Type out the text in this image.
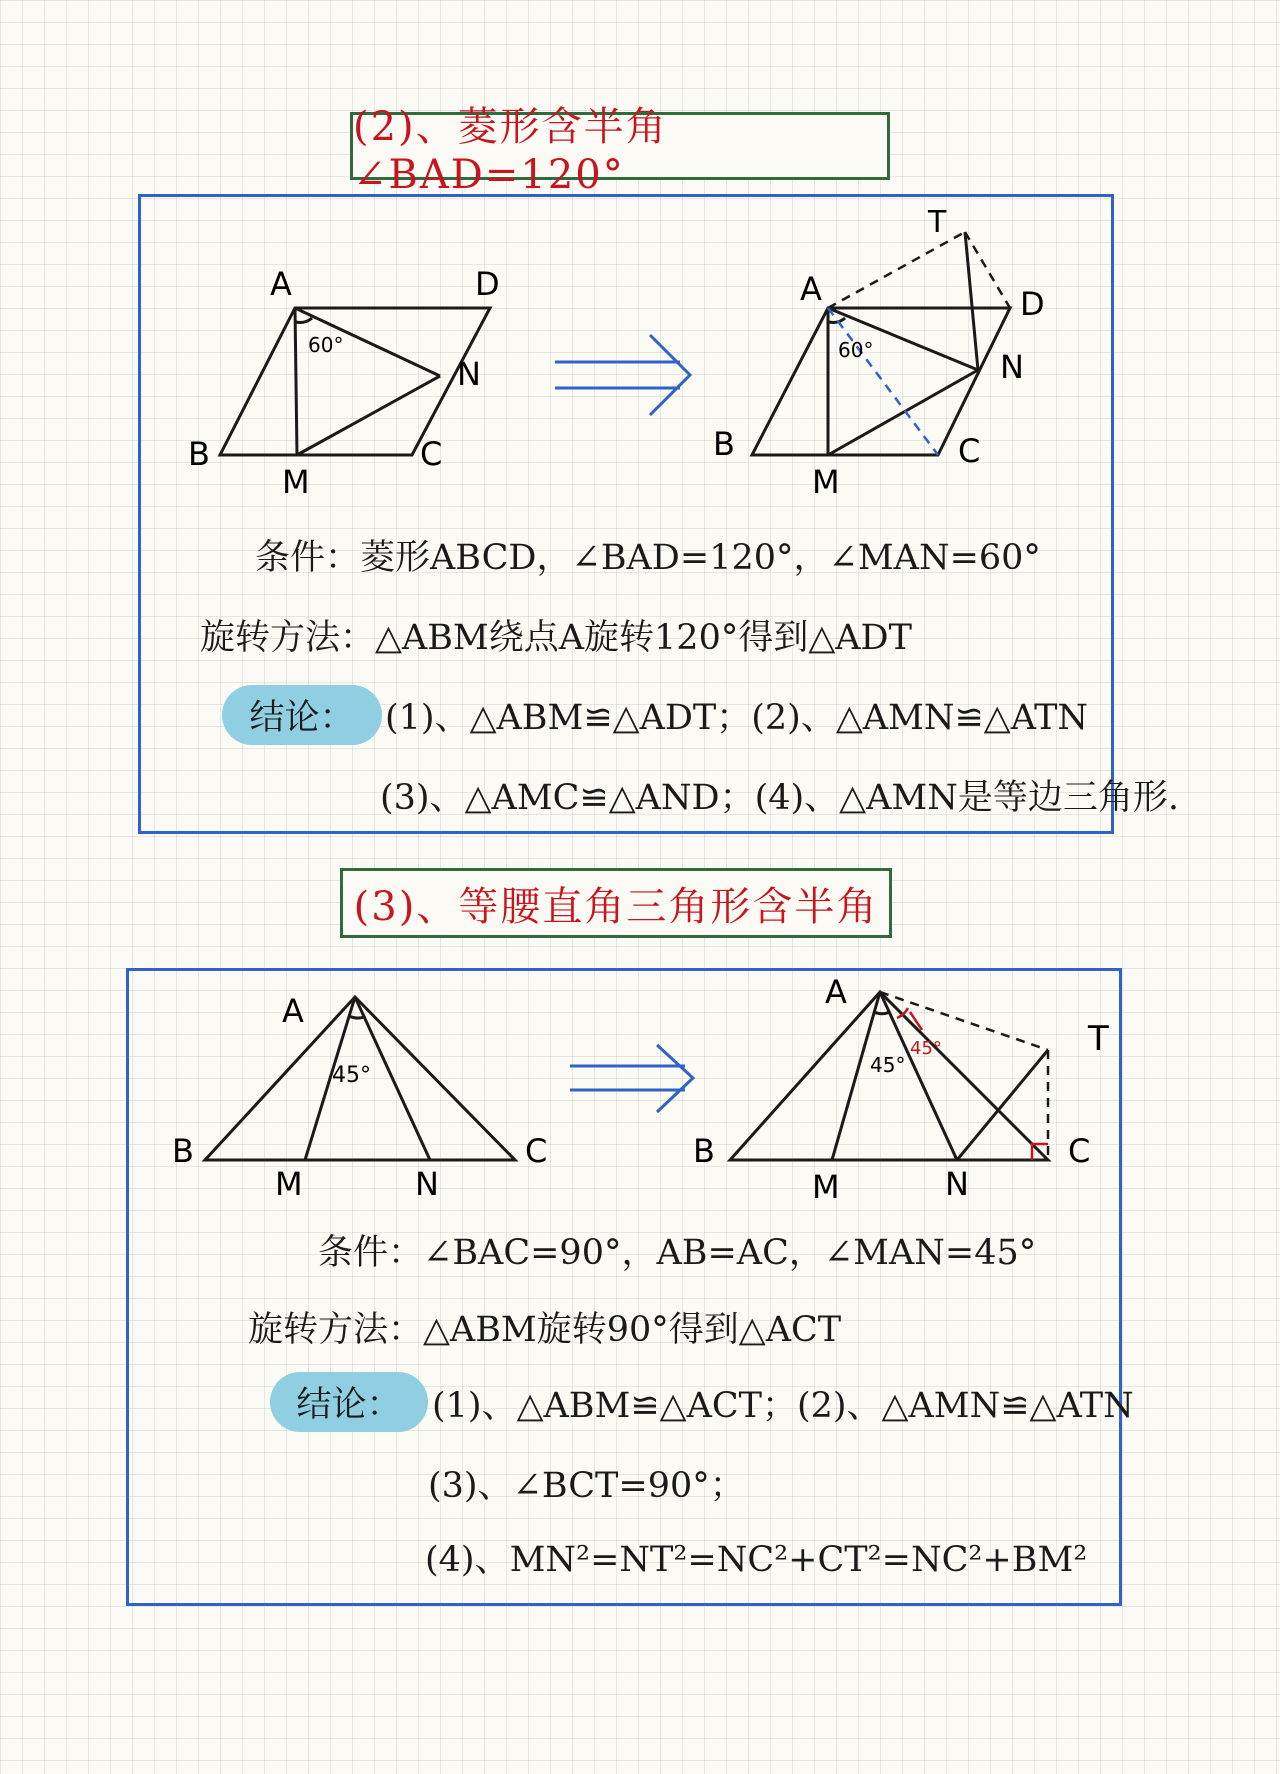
(2)、菱形含半角 ∠BAD=120°
A	D
B	C
M
N
60°
T
A	D
B	C
M
N
60°
条件：菱形ABCD，∠BAD=120°，∠MAN=60°
旋转方法：△ABM绕点A旋转120°得到△ADT
结论： (1)、△ABM≌△ADT；(2)、△AMN≌△ATN
(3)、△AMC≌△AND；(4)、△AMN是等边三角形.
(3)、等腰直角三角形含半角
A
B	C
M	N
45°
A
B	C
M	N
T
45°
45°
条件：∠BAC=90°，AB=AC，∠MAN=45°
旋转方法：△ABM旋转90°得到△ACT
结论： (1)、△ABM≌△ACT；(2)、△AMN≌△ATN
(3)、∠BCT=90°；
(4)、MN²=NT²=NC²+CT²=NC²+BM²
